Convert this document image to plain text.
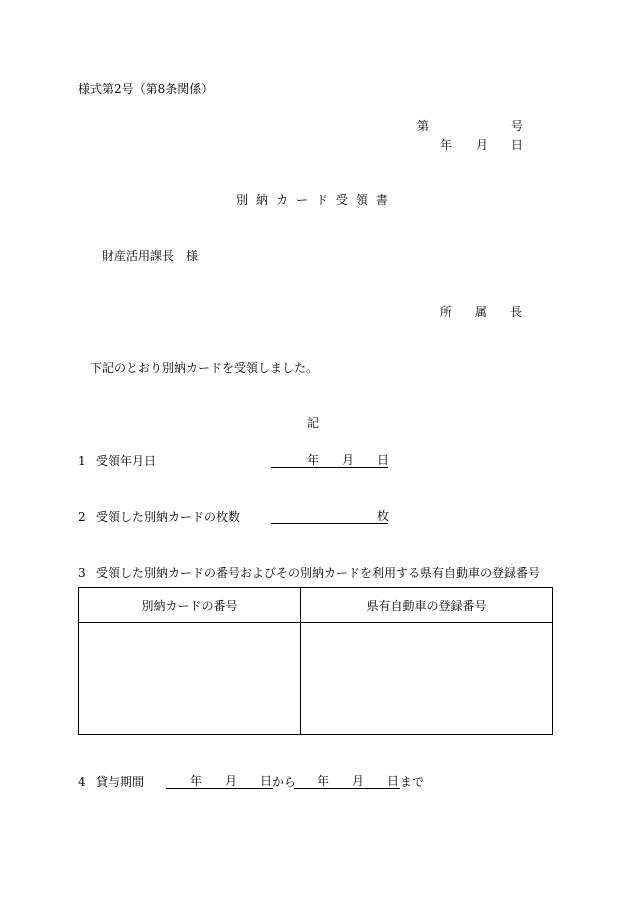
様式第2号（第8条関係）
第	号
年 月 日
別 納 カ ー ド 受 領 書
財産活用課長　様
所 属 長
下記のとおり別納カードを受領しました。
記
1 受領年月日	年 月 日
2 受領した別納カードの枚数	枚
3 受領した別納カードの番号およびその別納カードを利用する県有自動車の登録番号
別納カードの番号	県有自動車の登録番号

4 貸与期間	年 月 日 から 年 月 日 まで
